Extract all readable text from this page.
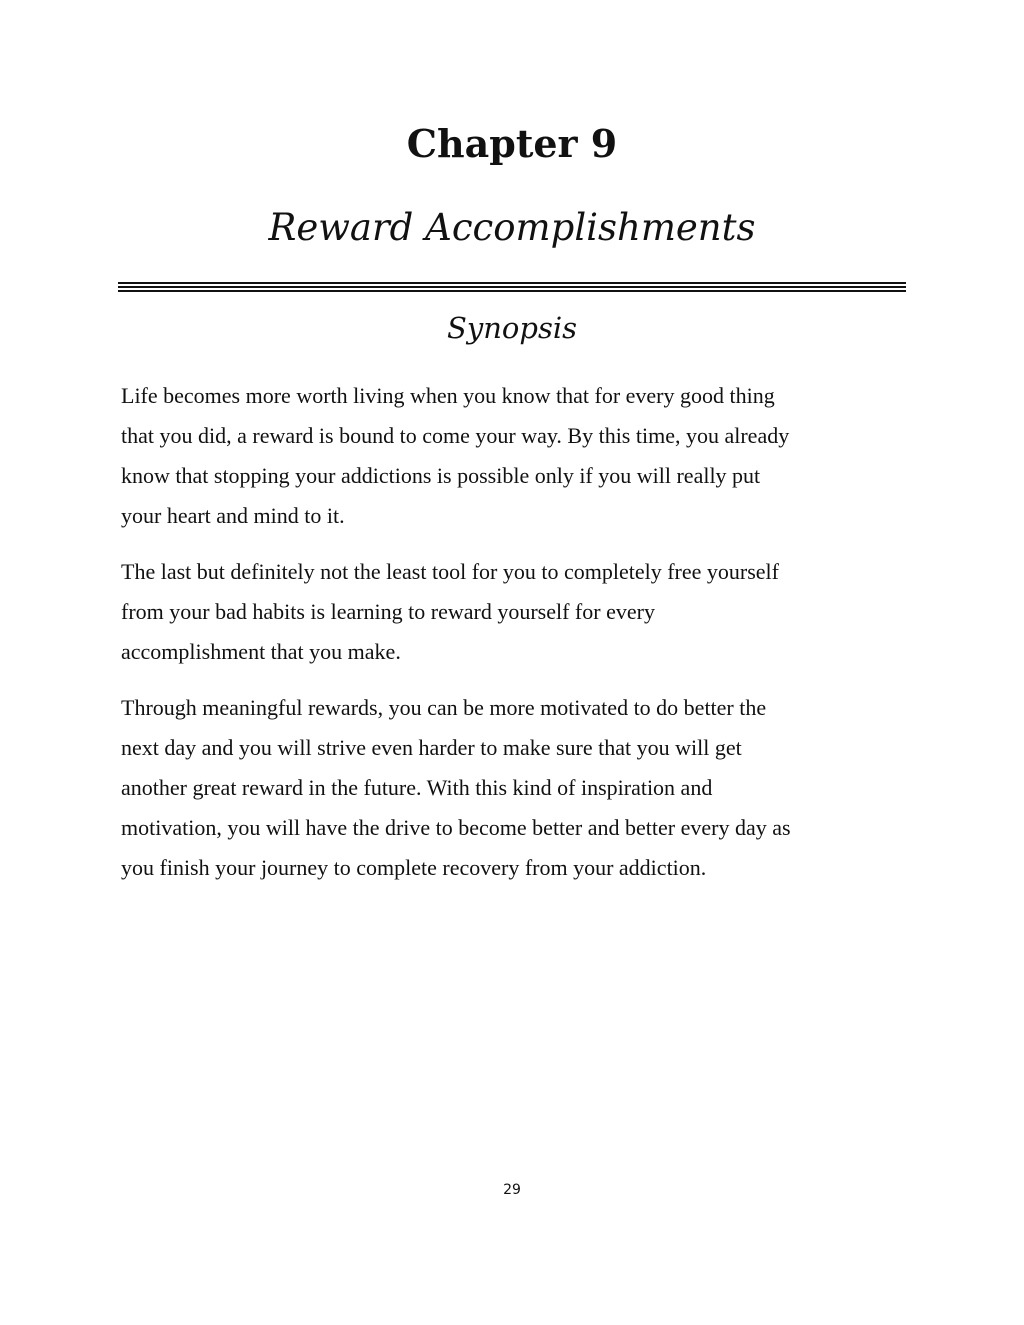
Chapter 9
Reward Accomplishments
Synopsis

Life becomes more worth living when you know that for every good thing
that you did, a reward is bound to come your way. By this time, you already
know that stopping your addictions is possible only if you will really put
your heart and mind to it.

The last but definitely not the least tool for you to completely free yourself
from your bad habits is learning to reward yourself for every
accomplishment that you make.

Through meaningful rewards, you can be more motivated to do better the
next day and you will strive even harder to make sure that you will get
another great reward in the future. With this kind of inspiration and
motivation, you will have the drive to become better and better every day as
you finish your journey to complete recovery from your addiction.

29
